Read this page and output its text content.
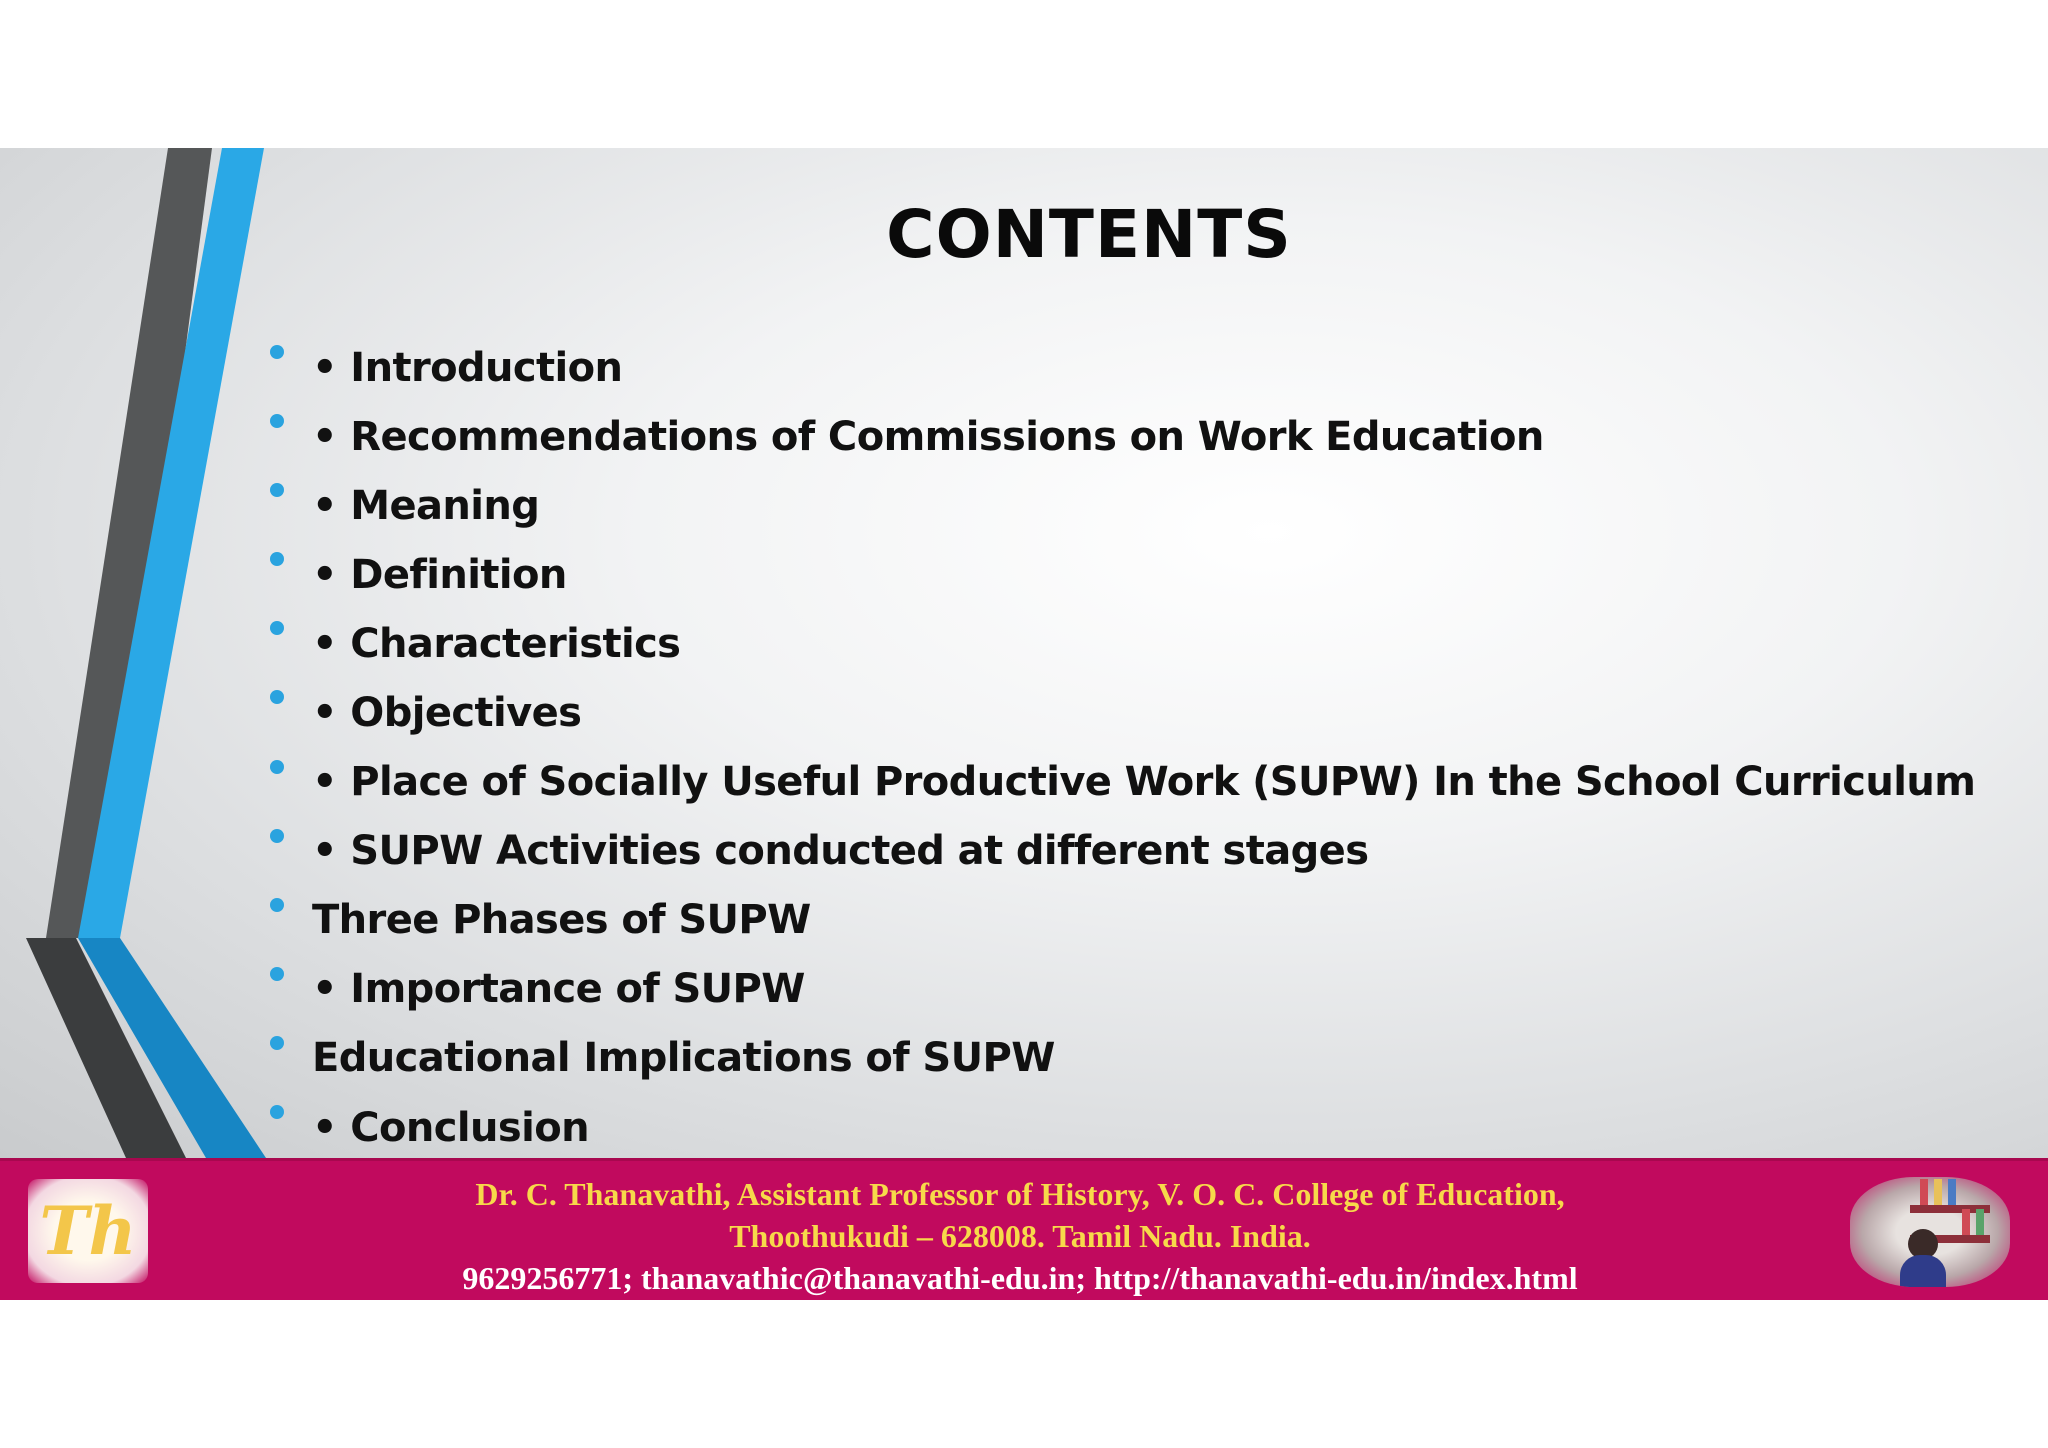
CONTENTS
• Introduction
• Recommendations of Commissions on Work Education
• Meaning
• Definition
• Characteristics
• Objectives
• Place of Socially Useful Productive Work (SUPW) In the School Curriculum
• SUPW Activities conducted at different stages
Three Phases of SUPW
• Importance of SUPW
Educational Implications of SUPW
• Conclusion
Th	Dr. C. Thanavathi, Assistant Professor of History, V. O. C. College of Education,
Thoothukudi – 628008. Tamil Nadu. India.
9629256771; thanavathic@thanavathi-edu.in; http://thanavathi-edu.in/index.html
